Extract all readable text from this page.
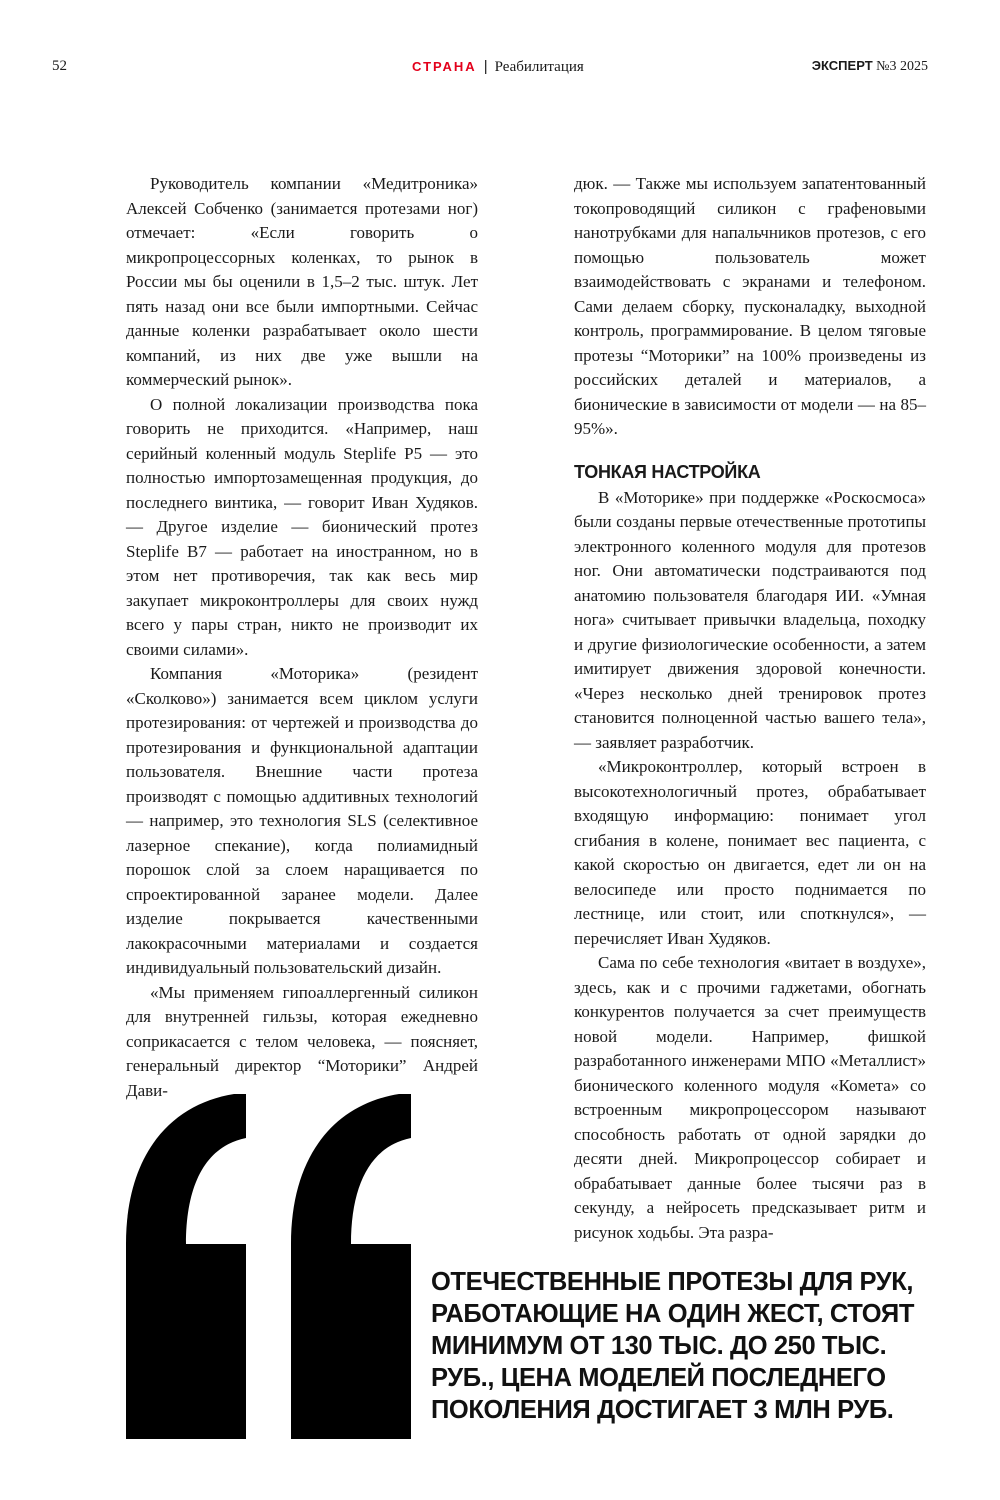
52	СТРАНА | Реабилитация	ЭКСПЕРТ №3 2025

Руководитель компании «Медитроника» Алексей Собченко (занимается протезами ног) отмечает: «Если говорить о микропроцессорных коленках, то рынок в России мы бы оценили в 1,5–2 тыс. штук. Лет пять назад они все были импортными. Сейчас данные коленки разрабатывает около шести компаний, из них две уже вышли на коммерческий рынок».

О полной локализации производства пока говорить не приходится. «Например, наш серийный коленный модуль Steplife P5 — это полностью импортозамещенная продукция, до последнего винтика, — говорит Иван Худяков. — Другое изделие — бионический протез Steplife B7 — работает на иностранном, но в этом нет противоречия, так как весь мир закупает микроконтроллеры для своих нужд всего у пары стран, никто не производит их своими силами».

Компания «Моторика» (резидент «Сколково») занимается всем циклом услуги протезирования: от чертежей и производства до протезирования и функциональной адаптации пользователя. Внешние части протеза производят с помощью аддитивных технологий — например, это технология SLS (селективное лазерное спекание), когда полиамидный порошок слой за слоем наращивается по спроектированной заранее модели. Далее изделие покрывается качественными лакокрасочными материалами и создается индивидуальный пользовательский дизайн.

«Мы применяем гипоаллергенный силикон для внутренней гильзы, которая ежедневно соприкасается с телом человека, — поясняет, генеральный директор “Моторики” Андрей Дави-

дюк. — Также мы используем запатентованный токопроводящий силикон с графеновыми нанотрубками для напальчников протезов, с его помощью пользователь может взаимодействовать с экранами и телефоном. Сами делаем сборку, пусконаладку, выходной контроль, программирование. В целом тяговые протезы “Моторики” на 100% произведены из российских деталей и материалов, а бионические в зависимости от модели — на 85–95%».

ТОНКАЯ НАСТРОЙКА

В «Моторике» при поддержке «Роскосмоса» были созданы первые отечественные прототипы электронного коленного модуля для протезов ног. Они автоматически подстраиваются под анатомию пользователя благодаря ИИ. «Умная нога» считывает привычки владельца, походку и другие физиологические особенности, а затем имитирует движения здоровой конечности. «Через несколько дней тренировок протез становится полноценной частью вашего тела», — заявляет разработчик.

«Микроконтроллер, который встроен в высокотехнологичный протез, обрабатывает входящую информацию: понимает угол сгибания в колене, понимает вес пациента, с какой скоростью он двигается, едет ли он на велосипеде или просто поднимается по лестнице, или стоит, или споткнулся», — перечисляет Иван Худяков.

Сама по себе технология «витает в воздухе», здесь, как и с прочими гаджетами, обогнать конкурентов получается за счет преимуществ новой модели. Например, фишкой разработанного инженерами МПО «Металлист» бионического коленного модуля «Комета» со встроенным микропроцессором называют способность работать от одной зарядки до десяти дней. Микропроцессор собирает и обрабатывает данные более тысячи раз в секунду, а нейросеть предсказывает ритм и рисунок ходьбы. Эта разра-

ОТЕЧЕСТВЕННЫЕ ПРОТЕЗЫ ДЛЯ РУК, РАБОТАЮЩИЕ НА ОДИН ЖЕСТ, СТОЯТ МИНИМУМ ОТ 130 ТЫС. ДО 250 ТЫС. РУБ., ЦЕНА МОДЕЛЕЙ ПОСЛЕДНЕГО ПОКОЛЕНИЯ ДОСТИГАЕТ 3 МЛН РУБ.
